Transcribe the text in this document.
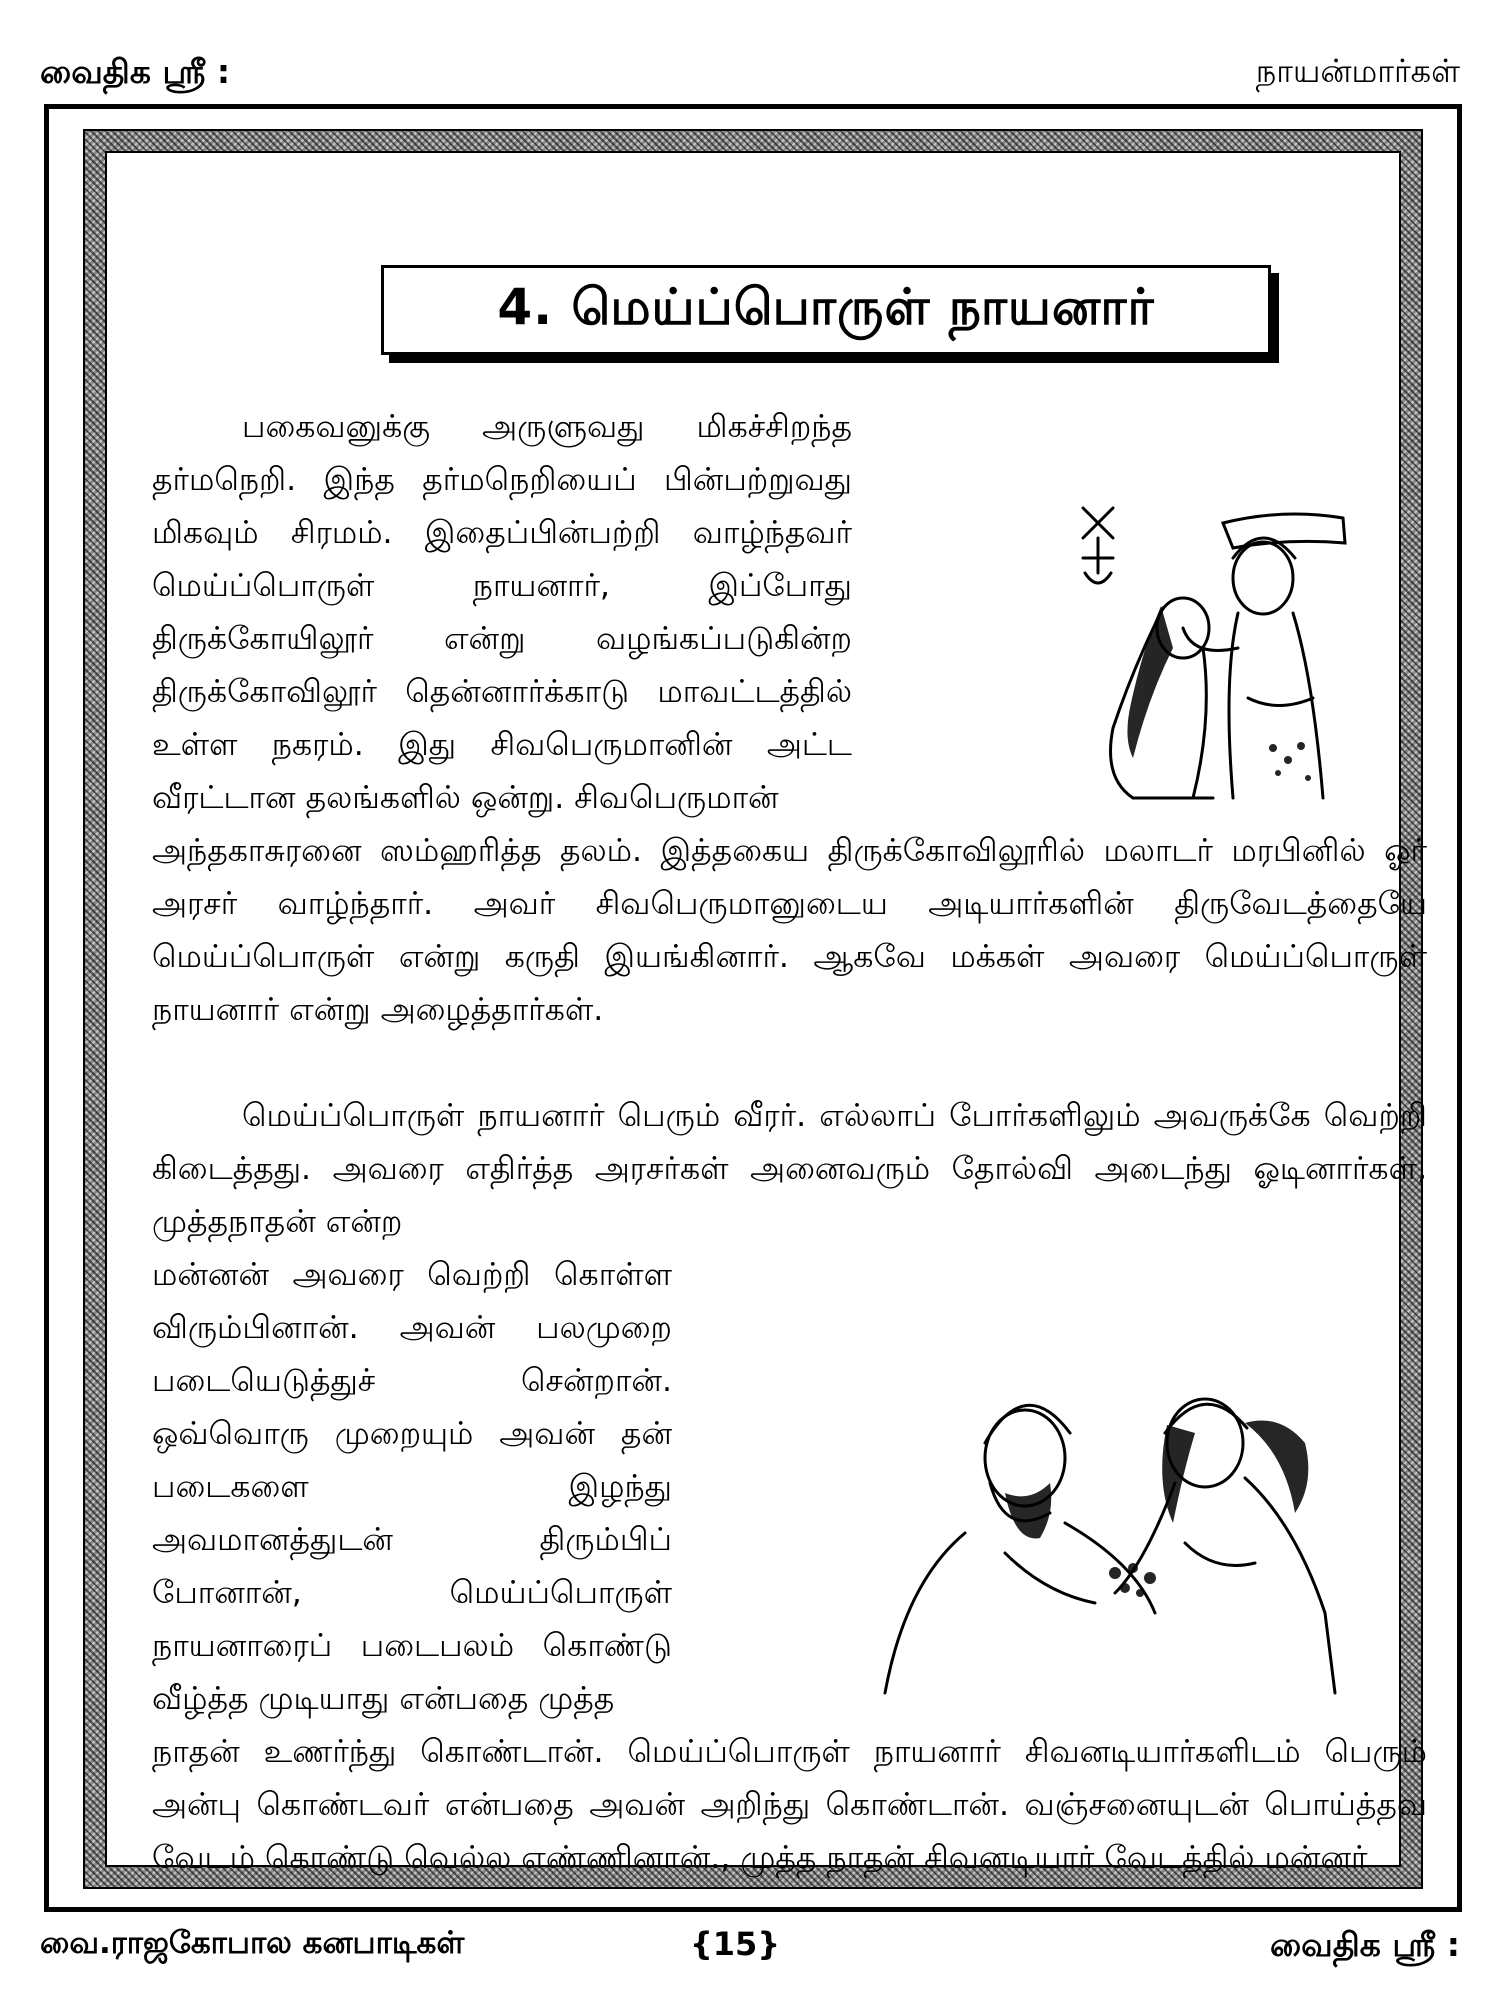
வைதிக ஸ்ரீ :	நாயன்மார்கள்
4. மெய்ப்பொருள் நாயனார்

பகைவனுக்கு அருளுவது மிகச்சிறந்த தர்மநெறி. இந்த தர்மநெறியைப் பின்பற்றுவது மிகவும் சிரமம். இதைப்பின்பற்றி வாழ்ந்தவர் மெய்ப்பொருள் நாயனார், இப்போது திருக்கோயிலூர் என்று வழங்கப்படுகின்ற திருக்கோவிலூர் தென்னார்க்காடு மாவட்டத்தில் உள்ள நகரம். இது சிவபெருமானின் அட்ட வீரட்டான தலங்களில் ஒன்று. சிவபெருமான்

அந்தகாசுரனை ஸம்ஹரித்த தலம். இத்தகைய திருக்கோவிலூரில் மலாடர் மரபினில் ஓர் அரசர் வாழ்ந்தார். அவர் சிவபெருமானுடைய அடியார்களின் திருவேடத்தையே மெய்ப்பொருள் என்று கருதி இயங்கினார். ஆகவே மக்கள் அவரை மெய்ப்பொருள் நாயனார் என்று அழைத்தார்கள்.

மெய்ப்பொருள் நாயனார் பெரும் வீரர். எல்லாப் போர்களிலும் அவருக்கே வெற்றி கிடைத்தது. அவரை எதிர்த்த அரசர்கள் அனைவரும் தோல்வி அடைந்து ஓடினார்கள், முத்தநாதன் என்ற

மன்னன் அவரை வெற்றி கொள்ள விரும்பினான். அவன் பலமுறை படையெடுத்துச் சென்றான். ஒவ்வொரு முறையும் அவன் தன் படைகளை இழந்து அவமானத்துடன் திரும்பிப் போனான், மெய்ப்பொருள் நாயனாரைப் படைபலம் கொண்டு வீழ்த்த முடியாது என்பதை முத்த

நாதன் உணர்ந்து கொண்டான். மெய்ப்பொருள் நாயனார் சிவனடியார்களிடம் பெரும் அன்பு கொண்டவர் என்பதை அவன் அறிந்து கொண்டான். வஞ்சனையுடன் பொய்த்தவ வேடம் கொண்டு வெல்ல எண்ணினான்., முத்த நாதன் சிவனடியார் வேடத்தில் மன்னர்

வை.ராஜகோபால கனபாடிகள்	{15}	வைதிக ஸ்ரீ :
